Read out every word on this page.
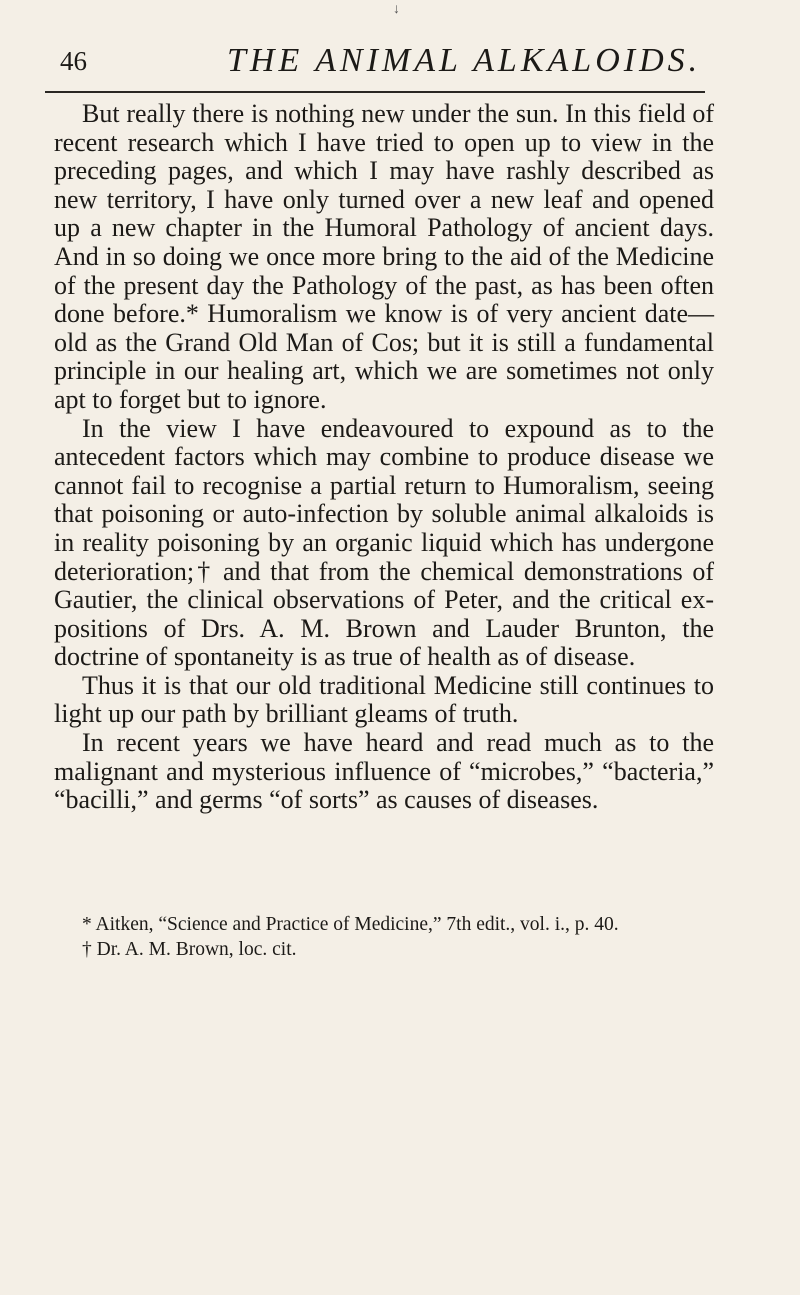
↓
46	THE ANIMAL ALKALOIDS.

But really there is nothing new under the sun. In this field of recent research which I have tried to open up to view in the preceding pages, and which I may have rashly described as new territory, I have only turned over a new leaf and opened up a new chapter in the Humoral Pathology of ancient days. And in so doing we once more bring to the aid of the Medicine of the present day the Pathology of the past, as has been often done before.* Humoralism we know is of very ancient date—old as the Grand Old Man of Cos; but it is still a fundamental principle in our healing art, which we are sometimes not only apt to forget but to ignore.

In the view I have endeavoured to expound as to the antecedent factors which may combine to produce disease we cannot fail to recognise a partial return to Humoralism, seeing that poisoning or auto-infection by soluble animal alkaloids is in reality poisoning by an organic liquid which has undergone deterioration;† and that from the chemical demonstrations of Gautier, the clinical observations of Peter, and the critical expositions of Drs. A. M. Brown and Lauder Brunton, the doctrine of spontaneity is as true of health as of disease.

Thus it is that our old traditional Medicine still continues to light up our path by brilliant gleams of truth.

In recent years we have heard and read much as to the malignant and mysterious influence of “microbes,” “bacteria,” “bacilli,” and germs “of sorts” as causes of diseases.

* Aitken, “Science and Practice of Medicine,” 7th edit., vol. i., p. 40.

† Dr. A. M. Brown, loc. cit.
